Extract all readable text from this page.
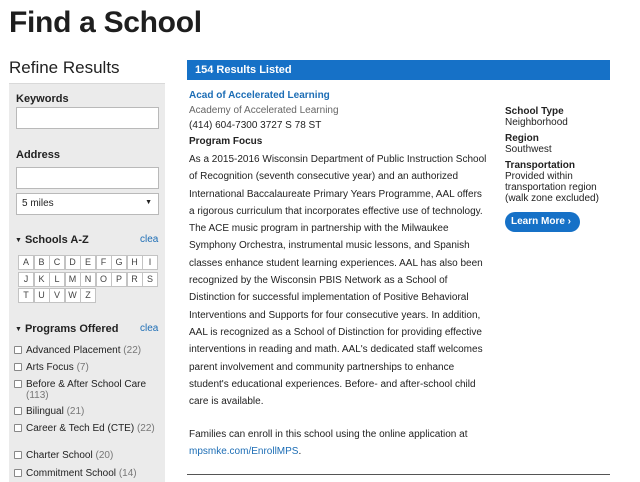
Find a School
Refine Results
Keywords
Address
5 miles	▼
▼ Schools A-Z	clea
A	B	C	D	E	F	G H	I
J	K	L	M N O P	R	S
T	U	V W Z
▼ Programs Offered clea
Advanced Placement (22)
Arts Focus (7)
Before & After School Care (113)
Bilingual (21)
Career & Tech Ed (CTE) (22)
Charter School (20)
Commitment School (14)
154 Results Listed
Acad of Accelerated Learning
Academy of Accelerated Learning
(414) 604-7300 3727 S 78 ST
Program Focus
As a 2015-2016 Wisconsin Department of Public Instruction School of Recognition (seventh consecutive year) and an authorized International Baccalaureate Primary Years Programme, AAL offers a rigorous curriculum that incorporates effective use of technology. The ACE music program in partnership with the Milwaukee Symphony Orchestra, instrumental music lessons, and Spanish classes enhance student learning experiences. AAL has also been recognized by the Wisconsin PBIS Network as a School of Distinction for successful implementation of Positive Behavioral Interventions and Supports for four consecutive years. In addition, AAL is recognized as a School of Distinction for providing effective interventions in reading and math. AAL's dedicated staff welcomes parent involvement and community partnerships to enhance student's educational experiences. Before- and after-school child care is available.
Families can enroll in this school using the online application at mpsmke.com/EnrollMPS.
School Type
Neighborhood
Region
Southwest
Transportation
Provided within transportation region (walk zone excluded)
Learn More ›
